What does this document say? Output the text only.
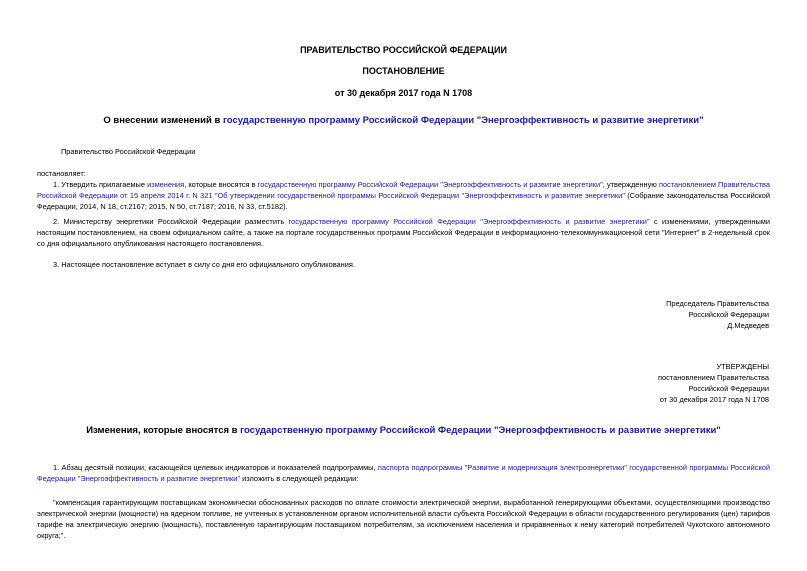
ПРАВИТЕЛЬСТВО РОССИЙСКОЙ ФЕДЕРАЦИИ
ПОСТАНОВЛЕНИЕ
от 30 декабря 2017 года N 1708
О внесении изменений в государственную программу Российской Федерации "Энергоэффективность и развитие энергетики"
Правительство Российской Федерации
постановляет:
1. Утвердить прилагаемые изменения, которые вносятся в государственную программу Российской Федерации "Энергоэффективность и развитие энергетики", утвержденную постановлением Правительства Российской Федерации от 15 апреля 2014 г. N 321 "Об утверждении государственной программы Российской Федерации "Энергоэффективность и развитие энергетики" (Собрание законодательства Российской Федерации, 2014, N 18, ст.2167; 2015, N 50, ст.7187; 2016, N 33, ст.5182).
2. Министерству энергетики Российской Федерации разместить государственную программу Российской Федерации "Энергоэффективность и развитие энергетики" с изменениями, утвержденными настоящим постановлением, на своем официальном сайте, а также на портале государственных программ Российской Федерации в информационно-телекоммуникационной сети "Интернет" в 2-недельный срок со дня официального опубликования настоящего постановления.
3. Настоящее постановление вступает в силу со дня его официального опубликования.
Председатель Правительства
Российской Федерации
Д.Медведев
УТВЕРЖДЕНЫ
постановлением Правительства
Российской Федерации
от 30 декабря 2017 года N 1708
Изменения, которые вносятся в государственную программу Российской Федерации "Энергоэффективность и развитие энергетики"
1. Абзац десятый позиции, касающейся целевых индикаторов и показателей подпрограммы, паспорта подпрограммы "Развитие и модернизация электроэнергетики" государственной программы Российской Федерации "Энергоэффективность и развитие энергетики" изложить в следующей редакции:
"компенсация гарантирующим поставщикам экономически обоснованных расходов по оплате стоимости электрической энергии, выработанной генерирующими объектами, осуществляющими производство электрической энергии (мощности) на ядерном топливе, не учтенных в установленном органом исполнительной власти субъекта Российской Федерации в области государственного регулирования (цен) тарифов тарифе на электрическую энергию (мощность), поставленную гарантирующим поставщиком потребителям, за исключением населения и приравненных к нему категорий потребителей Чукотского автономного округа;".
